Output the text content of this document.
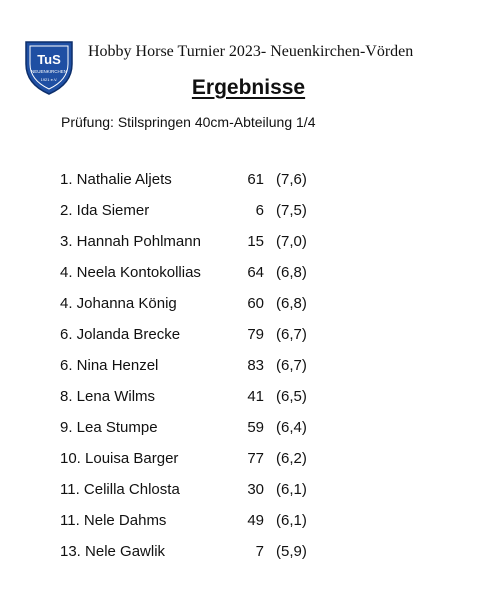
TuS
NEUENKIRCHEN
1921 e.V.
Hobby Horse Turnier 2023- Neuenkirchen-Vörden
Ergebnisse
Prüfung: Stilspringen 40cm-Abteilung 1/4
1. Nathalie Aljets	61 (7,6)
2. Ida Siemer	6 (7,5)
3. Hannah Pohlmann	15 (7,0)
4. Neela Kontokollias	64 (6,8)
4. Johanna König	60 (6,8)
6. Jolanda Brecke	79 (6,7)
6. Nina Henzel	83 (6,7)
8. Lena Wilms	41 (6,5)
9. Lea Stumpe	59 (6,4)
10. Louisa Barger	77 (6,2)
11. Celilla Chlosta	30 (6,1)
11. Nele Dahms	49 (6,1)
13. Nele Gawlik	7 (5,9)
